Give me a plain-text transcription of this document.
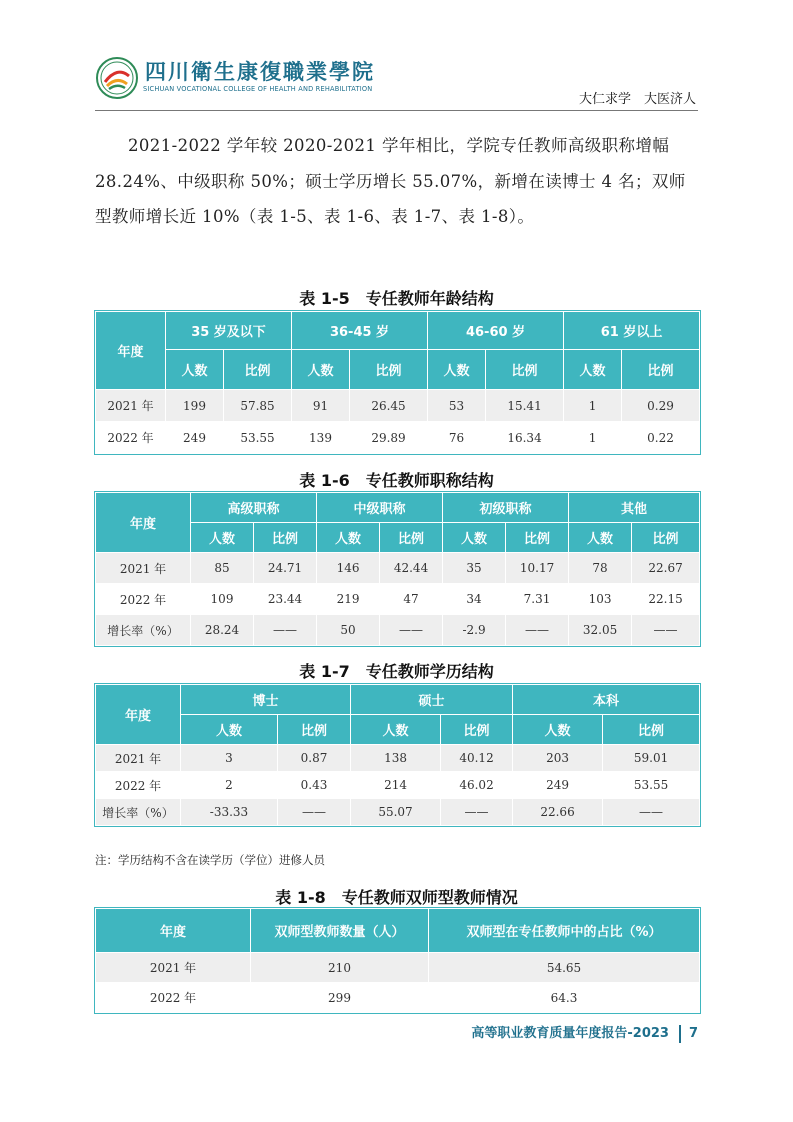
四川衛生康復職業學院
SICHUAN VOCATIONAL COLLEGE OF HEALTH AND REHABILITATION
大仁求学　大医济人

2021-2022 学年较 2020-2021 学年相比，学院专任教师高级职称增幅 28.24%、中级职称 50%；硕士学历增长 55.07%，新增在读博士 4 名；双师型教师增长近 10%（表 1-5、表 1-6、表 1-7、表 1-8）。

表 1-5　专任教师年龄结构
年度	35 岁及以下		36-45 岁		46-60 岁		61 岁以上	
	人数	比例	人数	比例	人数	比例	人数	比例
2021 年	199	57.85	91	26.45	53	15.41	1	0.29
2022 年	249	53.55	139	29.89	76	16.34	1	0.22
表 1-6　专任教师职称结构
年度	高级职称		中级职称		初级职称		其他	
	人数	比例	人数	比例	人数	比例	人数	比例
2021 年	85	24.71	146	42.44	35	10.17	78	22.67
2022 年	109	23.44	219	47	34	7.31	103	22.15
增长率（%）	28.24	——	50	——	-2.9	——	32.05	——
表 1-7　专任教师学历结构
年度	博士		硕士		本科	
	人数	比例	人数	比例	人数	比例
2021 年	3	0.87	138	40.12	203	59.01
2022 年	2	0.43	214	46.02	249	53.55
增长率（%）	-33.33	——	55.07	——	22.66	——
注：学历结构不含在读学历（学位）进修人员
表 1-8　专任教师双师型教师情况
年度	双师型教师数量（人）	双师型在专任教师中的占比（%）
2021 年	210	54.65
2022 年	299	64.3
高等职业教育质量年度报告-2023 7
